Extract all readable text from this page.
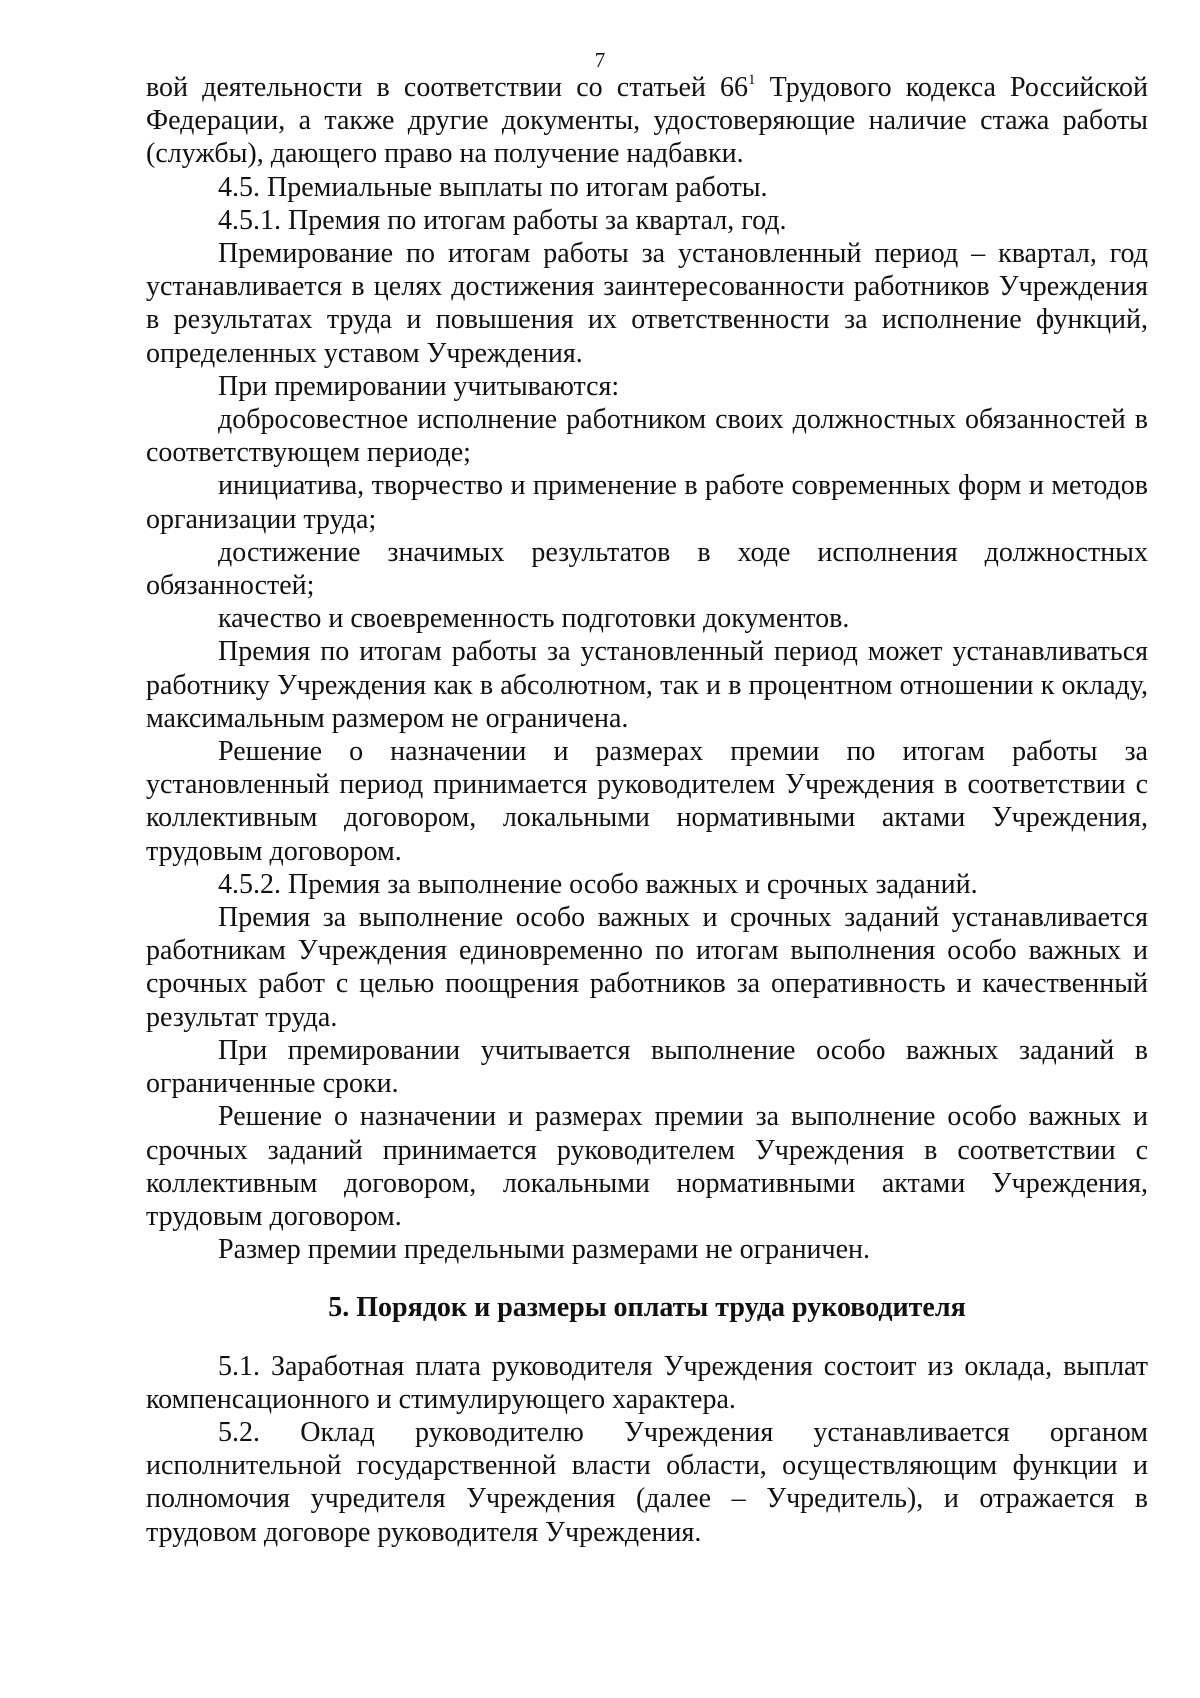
7

вой деятельности в соответствии со статьей $66^1$ Трудового кодекса Российской Федерации, а также другие документы, удостоверяющие наличие стажа работы (службы), дающего право на получение надбавки.

4.5. Премиальные выплаты по итогам работы.

4.5.1. Премия по итогам работы за квартал, год.

Премирование по итогам работы за установленный период – квартал, год устанавливается в целях достижения заинтересованности работников Учреждения в результатах труда и повышения их ответственности за исполнение функций, определенных уставом Учреждения.

При премировании учитываются:

добросовестное исполнение работником своих должностных обязанностей в соответствующем периоде;

инициатива, творчество и применение в работе современных форм и методов организации труда;

достижение значимых результатов в ходе исполнения должностных обязанностей;

качество и своевременность подготовки документов.

Премия по итогам работы за установленный период может устанавливаться работнику Учреждения как в абсолютном, так и в процентном отношении к окладу, максимальным размером не ограничена.

Решение о назначении и размерах премии по итогам работы за установленный период принимается руководителем Учреждения в соответствии с коллективным договором, локальными нормативными актами Учреждения, трудовым договором.

4.5.2. Премия за выполнение особо важных и срочных заданий.

Премия за выполнение особо важных и срочных заданий устанавливается работникам Учреждения единовременно по итогам выполнения особо важных и срочных работ с целью поощрения работников за оперативность и качественный результат труда.

При премировании учитывается выполнение особо важных заданий в ограниченные сроки.

Решение о назначении и размерах премии за выполнение особо важных и срочных заданий принимается руководителем Учреждения в соответствии с коллективным договором, локальными нормативными актами Учреждения, трудовым договором.

Размер премии предельными размерами не ограничен.

5. Порядок и размеры оплаты труда руководителя

5.1. Заработная плата руководителя Учреждения состоит из оклада, выплат компенсационного и стимулирующего характера.

5.2. Оклад руководителю Учреждения устанавливается органом исполнительной государственной власти области, осуществляющим функции и полномочия учредителя Учреждения (далее – Учредитель), и отражается в трудовом договоре руководителя Учреждения.
